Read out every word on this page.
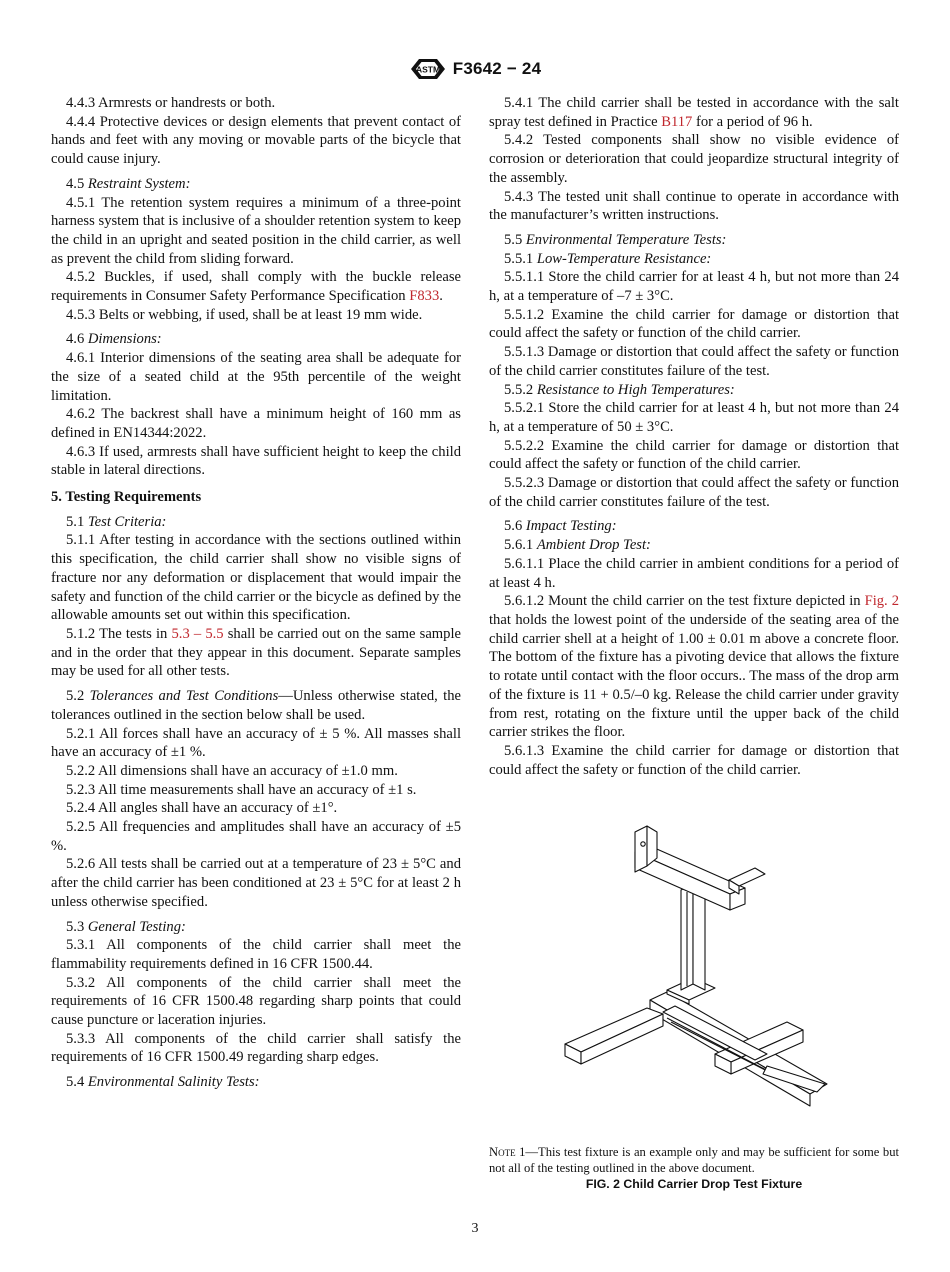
ASTM F3642 − 24
4.4.3 Armrests or handrests or both.
4.4.4 Protective devices or design elements that prevent contact of hands and feet with any moving or movable parts of the bicycle that could cause injury.
4.5 Restraint System:
4.5.1 The retention system requires a minimum of a three-point harness system that is inclusive of a shoulder retention system to keep the child in an upright and seated position in the child carrier, as well as prevent the child from sliding forward.
4.5.2 Buckles, if used, shall comply with the buckle release requirements in Consumer Safety Performance Specification F833.
4.5.3 Belts or webbing, if used, shall be at least 19 mm wide.
4.6 Dimensions:
4.6.1 Interior dimensions of the seating area shall be adequate for the size of a seated child at the 95th percentile of the weight limitation.
4.6.2 The backrest shall have a minimum height of 160 mm as defined in EN14344:2022.
4.6.3 If used, armrests shall have sufficient height to keep the child stable in lateral directions.
5. Testing Requirements
5.1 Test Criteria:
5.1.1 After testing in accordance with the sections outlined within this specification, the child carrier shall show no visible signs of fracture nor any deformation or displacement that would impair the safety and function of the child carrier or the bicycle as defined by the allowable amounts set out within this specification.
5.1.2 The tests in 5.3 – 5.5 shall be carried out on the same sample and in the order that they appear in this document. Separate samples may be used for all other tests.
5.2 Tolerances and Test Conditions—Unless otherwise stated, the tolerances outlined in the section below shall be used.
5.2.1 All forces shall have an accuracy of ± 5 %. All masses shall have an accuracy of ±1 %.
5.2.2 All dimensions shall have an accuracy of ±1.0 mm.
5.2.3 All time measurements shall have an accuracy of ±1 s.
5.2.4 All angles shall have an accuracy of ±1°.
5.2.5 All frequencies and amplitudes shall have an accuracy of ±5 %.
5.2.6 All tests shall be carried out at a temperature of 23 ± 5°C and after the child carrier has been conditioned at 23 ± 5°C for at least 2 h unless otherwise specified.
5.3 General Testing:
5.3.1 All components of the child carrier shall meet the flammability requirements defined in 16 CFR 1500.44.
5.3.2 All components of the child carrier shall meet the requirements of 16 CFR 1500.48 regarding sharp points that could cause puncture or laceration injuries.
5.3.3 All components of the child carrier shall satisfy the requirements of 16 CFR 1500.49 regarding sharp edges.
5.4 Environmental Salinity Tests:
5.4.1 The child carrier shall be tested in accordance with the salt spray test defined in Practice B117 for a period of 96 h.
5.4.2 Tested components shall show no visible evidence of corrosion or deterioration that could jeopardize structural integrity of the assembly.
5.4.3 The tested unit shall continue to operate in accordance with the manufacturer’s written instructions.
5.5 Environmental Temperature Tests:
5.5.1 Low-Temperature Resistance:
5.5.1.1 Store the child carrier for at least 4 h, but not more than 24 h, at a temperature of –7 ± 3°C.
5.5.1.2 Examine the child carrier for damage or distortion that could affect the safety or function of the child carrier.
5.5.1.3 Damage or distortion that could affect the safety or function of the child carrier constitutes failure of the test.
5.5.2 Resistance to High Temperatures:
5.5.2.1 Store the child carrier for at least 4 h, but not more than 24 h, at a temperature of 50 ± 3°C.
5.5.2.2 Examine the child carrier for damage or distortion that could affect the safety or function of the child carrier.
5.5.2.3 Damage or distortion that could affect the safety or function of the child carrier constitutes failure of the test.
5.6 Impact Testing:
5.6.1 Ambient Drop Test:
5.6.1.1 Place the child carrier in ambient conditions for a period of at least 4 h.
5.6.1.2 Mount the child carrier on the test fixture depicted in Fig. 2 that holds the lowest point of the underside of the seating area of the child carrier shell at a height of 1.00 ± 0.01 m above a concrete floor. The bottom of the fixture has a pivoting device that allows the fixture to rotate until contact with the floor occurs.. The mass of the drop arm of the fixture is 11 + 0.5/–0 kg. Release the child carrier under gravity from rest, rotating on the fixture until the upper back of the child carrier strikes the floor.
5.6.1.3 Examine the child carrier for damage or distortion that could affect the safety or function of the child carrier.
Note 1—This test fixture is an example only and may be sufficient for some but not all of the testing outlined in the above document.
FIG. 2 Child Carrier Drop Test Fixture
3
